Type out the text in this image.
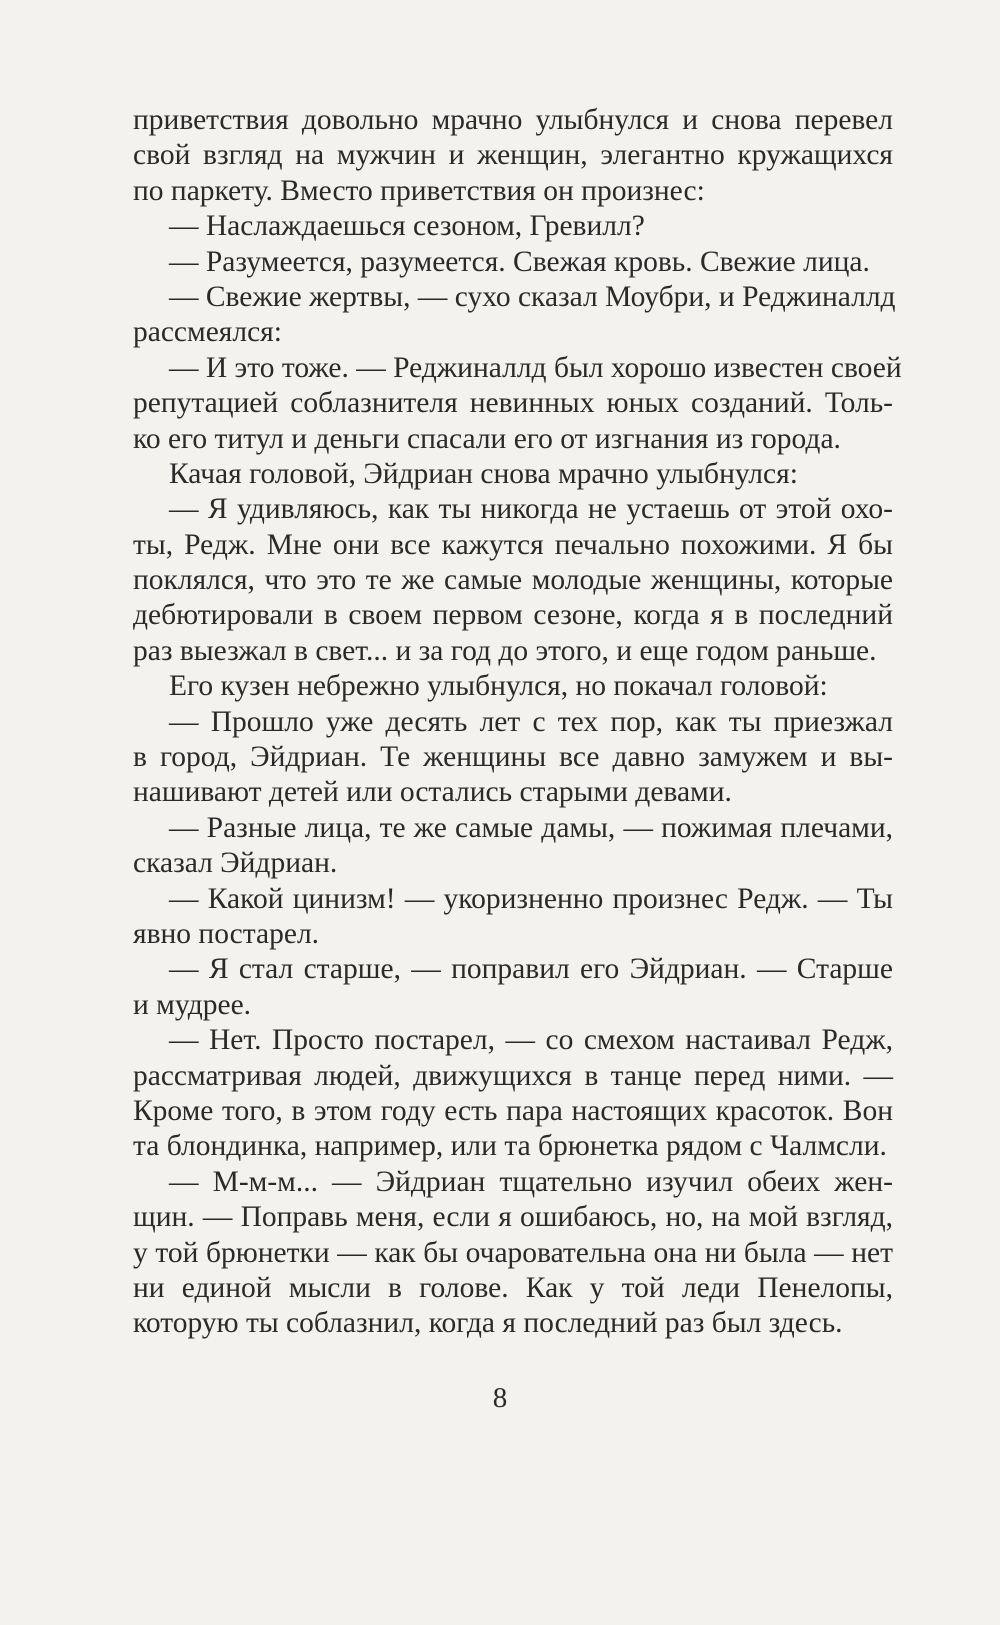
приветствия довольно мрачно улыбнулся и снова перевел
свой взгляд на мужчин и женщин, элегантно кружащихся
по паркету. Вместо приветствия он произнес:
— Наслаждаешься сезоном, Гревилл?
— Разумеется, разумеется. Свежая кровь. Свежие лица.
— Свежие жертвы, — сухо сказал Моубри, и Реджиналлд
рассмеялся:
— И это тоже. — Реджиналлд был хорошо известен своей
репутацией соблазнителя невинных юных созданий. Толь-
ко его титул и деньги спасали его от изгнания из города.
Качая головой, Эйдриан снова мрачно улыбнулся:
— Я удивляюсь, как ты никогда не устаешь от этой охо-
ты, Редж. Мне они все кажутся печально похожими. Я бы
поклялся, что это те же самые молодые женщины, которые
дебютировали в своем первом сезоне, когда я в последний
раз выезжал в свет... и за год до этого, и еще годом раньше.
Его кузен небрежно улыбнулся, но покачал головой:
— Прошло уже десять лет с тех пор, как ты приезжал
в город, Эйдриан. Те женщины все давно замужем и вы-
нашивают детей или остались старыми девами.
— Разные лица, те же самые дамы, — пожимая плечами,
сказал Эйдриан.
— Какой цинизм! — укоризненно произнес Редж. — Ты
явно постарел.
— Я стал старше, — поправил его Эйдриан. — Старше
и мудрее.
— Нет. Просто постарел, — со смехом настаивал Редж,
рассматривая людей, движущихся в танце перед ними. —
Кроме того, в этом году есть пара настоящих красоток. Вон
та блондинка, например, или та брюнетка рядом с Чалмсли.
— М-м-м... — Эйдриан тщательно изучил обеих жен-
щин. — Поправь меня, если я ошибаюсь, но, на мой взгляд,
у той брюнетки — как бы очаровательна она ни была — нет
ни единой мысли в голове. Как у той леди Пенелопы,
которую ты соблазнил, когда я последний раз был здесь.
8
